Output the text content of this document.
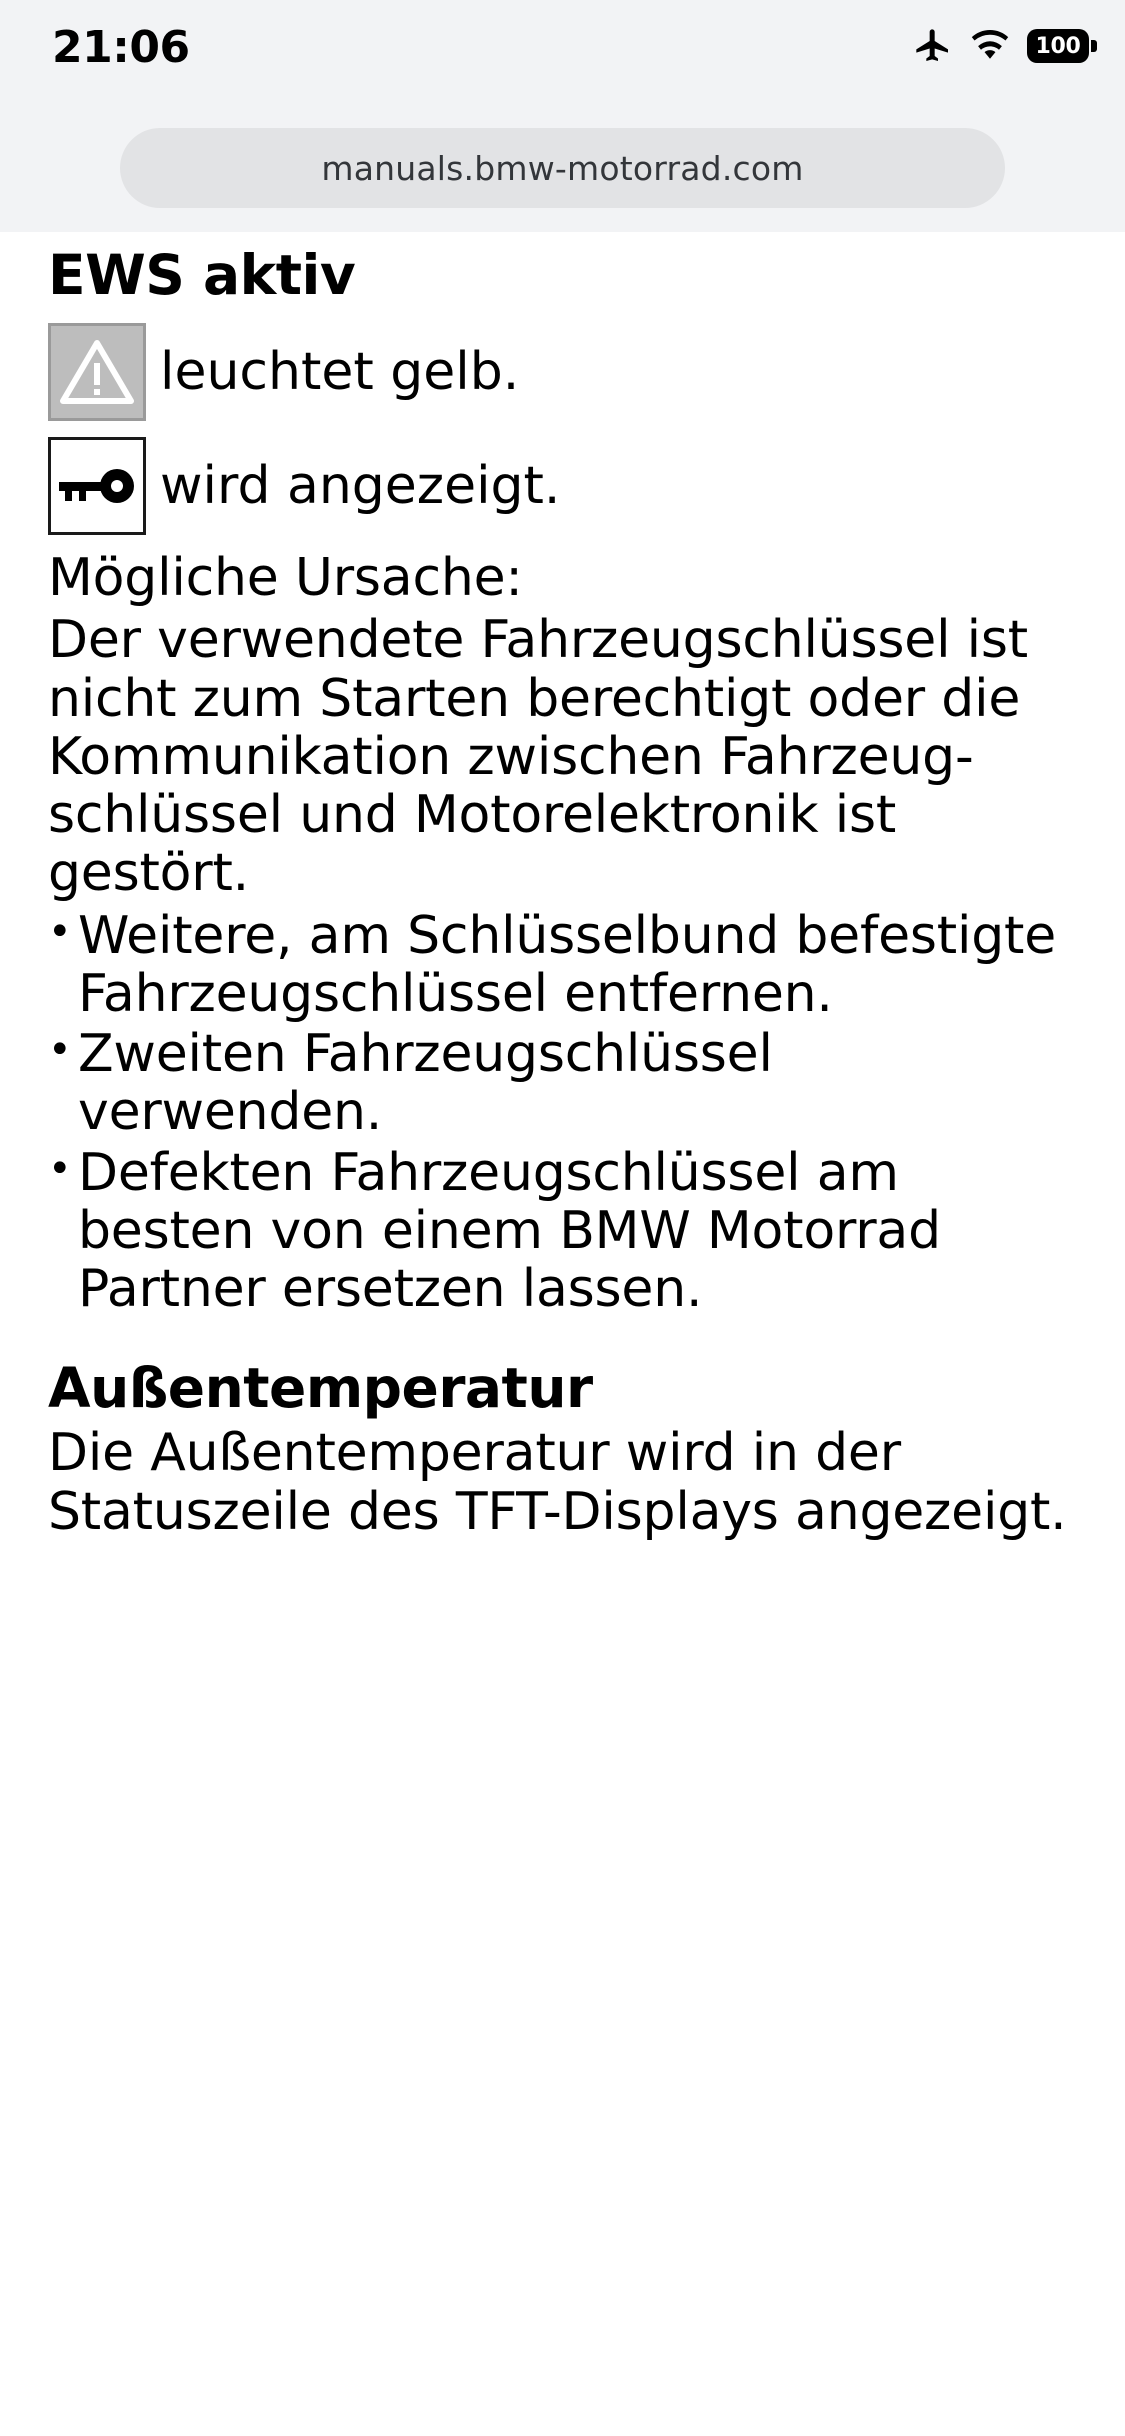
21:06	100
manuals.bmw-motorrad.com
EWS aktiv
leuchtet gelb.
wird angezeigt.

Mögliche Ursache:

Der verwendete Fahrzeugschlüssel ist nicht zum Starten berechtigt oder die Kommunikation zwischen Fahrzeugschlüssel und Motorelektronik ist gestört.

• Weitere, am Schlüsselbund befestigte Fahrzeugschlüssel entfernen.
• Zweiten Fahrzeugschlüssel verwenden.
• Defekten Fahrzeugschlüssel am besten von einem BMW Motorrad Partner ersetzen lassen.
Außentemperatur

Die Außentemperatur wird in der Statuszeile des TFT-Displays angezeigt.
